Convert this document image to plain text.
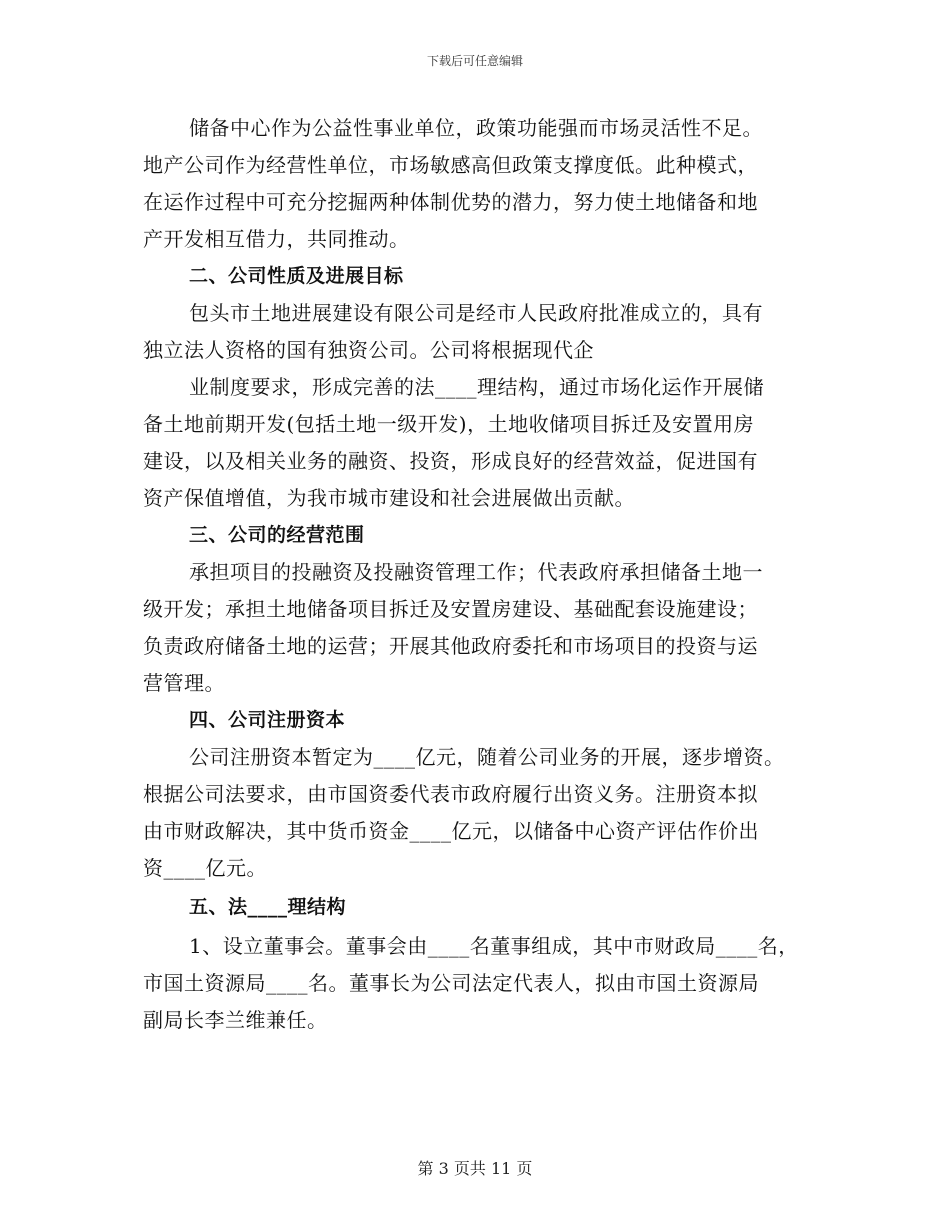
下载后可任意编辑
储备中心作为公益性事业单位，政策功能强而市场灵活性不足。
地产公司作为经营性单位，市场敏感高但政策支撑度低。此种模式，
在运作过程中可充分挖掘两种体制优势的潜力，努力使土地储备和地
产开发相互借力，共同推动。
二、公司性质及进展目标
包头市土地进展建设有限公司是经市人民政府批准成立的，具有
独立法人资格的国有独资公司。公司将根据现代企
业制度要求，形成完善的法____理结构，通过市场化运作开展储
备土地前期开发(包括土地一级开发)，土地收储项目拆迁及安置用房
建设，以及相关业务的融资、投资，形成良好的经营效益，促进国有
资产保值增值，为我市城市建设和社会进展做出贡献。
三、公司的经营范围
承担项目的投融资及投融资管理工作；代表政府承担储备土地一
级开发；承担土地储备项目拆迁及安置房建设、基础配套设施建设；
负责政府储备土地的运营；开展其他政府委托和市场项目的投资与运
营管理。
四、公司注册资本
公司注册资本暂定为____亿元，随着公司业务的开展，逐步增资。
根据公司法要求，由市国资委代表市政府履行出资义务。注册资本拟
由市财政解决，其中货币资金____亿元，以储备中心资产评估作价出
资____亿元。
五、法____理结构
1、设立董事会。董事会由____名董事组成，其中市财政局____名，
市国土资源局____名。董事长为公司法定代表人，拟由市国土资源局
副局长李兰维兼任。
第 3 页共 11 页
